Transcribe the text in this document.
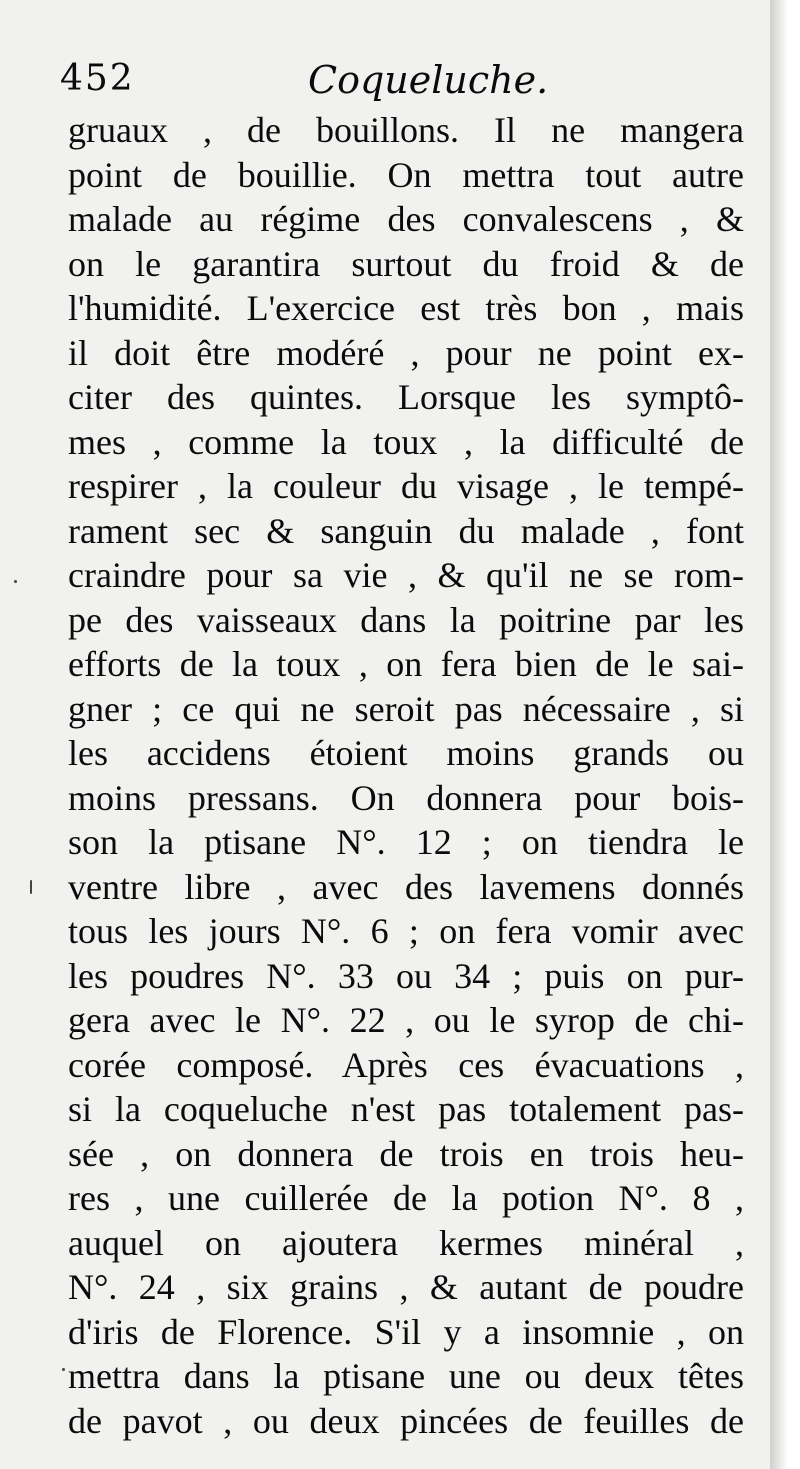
452	Coqueluche.
gruaux , de bouillons. Il ne mangera
point de bouillie. On mettra tout autre
malade au régime des convalescens , &
on le garantira surtout du froid & de
l'humidité. L'exercice est très bon , mais
il doit être modéré , pour ne point ex-
citer des quintes. Lorsque les symptô-
mes , comme la toux , la difficulté de
respirer , la couleur du visage , le tempé-
rament sec & sanguin du malade , font
craindre pour sa vie , & qu'il ne se rom-
pe des vaisseaux dans la poitrine par les
efforts de la toux , on fera bien de le sai-
gner ; ce qui ne seroit pas nécessaire , si
les accidens étoient moins grands ou
moins pressans. On donnera pour bois-
son la ptisane N°. 12 ; on tiendra le
ventre libre , avec des lavemens donnés
tous les jours N°. 6 ; on fera vomir avec
les poudres N°. 33 ou 34 ; puis on pur-
gera avec le N°. 22 , ou le syrop de chi-
corée composé. Après ces évacuations ,
si la coqueluche n'est pas totalement pas-
sée , on donnera de trois en trois heu-
res , une cuillerée de la potion N°. 8 ,
auquel on ajoutera kermes minéral ,
N°. 24 , six grains , & autant de poudre
d'iris de Florence. S'il y a insomnie , on
mettra dans la ptisane une ou deux têtes
de pavot , ou deux pincées de feuilles de
